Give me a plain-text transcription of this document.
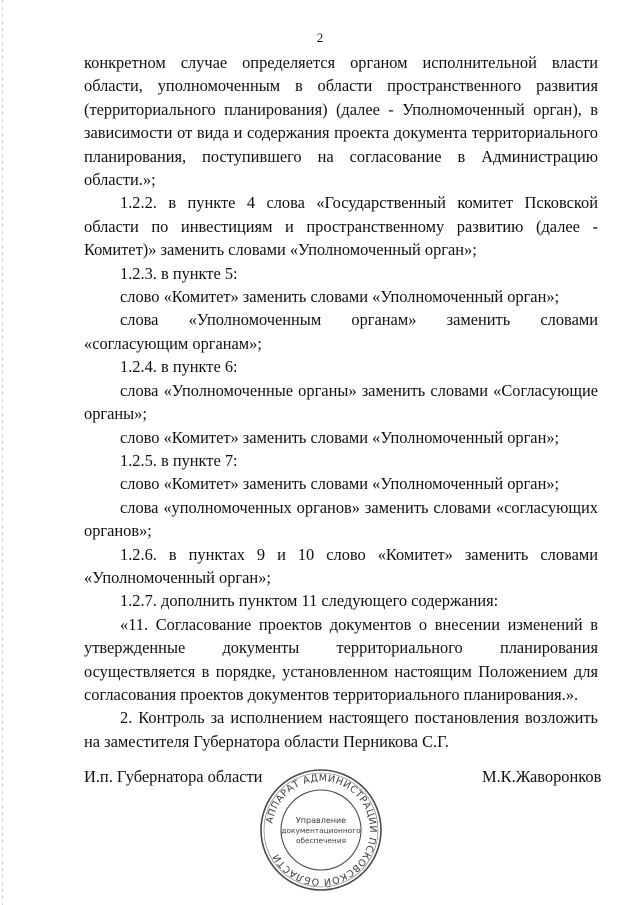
2

конкретном случае определяется органом исполнительной власти области, уполномоченным в области пространственного развития (территориального планирования) (далее - Уполномоченный орган), в зависимости от вида и содержания проекта документа территориального планирования, поступившего на согласование в Администрацию области.»;

1.2.2. в пункте 4 слова «Государственный комитет Псковской области по инвестициям и пространственному развитию (далее - Комитет)» заменить словами «Уполномоченный орган»;

1.2.3. в пункте 5:

слово «Комитет» заменить словами «Уполномоченный орган»;

слова «Уполномоченным органам» заменить словами «согласующим органам»;

1.2.4. в пункте 6:

слова «Уполномоченные органы» заменить словами «Согласующие органы»;

слово «Комитет» заменить словами «Уполномоченный орган»;

1.2.5. в пункте 7:

слово «Комитет» заменить словами «Уполномоченный орган»;

слова «уполномоченных органов» заменить словами «согласующих органов»;

1.2.6. в пунктах 9 и 10 слово «Комитет» заменить словами «Уполномоченный орган»;

1.2.7. дополнить пунктом 11 следующего содержания:

«11. Согласование проектов документов о внесении изменений в утвержденные документы территориального планирования осуществляется в порядке, установленном настоящим Положением для согласования проектов документов территориального планирования.».

2. Контроль за исполнением настоящего постановления возложить на заместителя Губернатора области Перникова С.Г.

И.п. Губернатора области	М.К.Жаворонков
АППАРАТ АДМИНИСТРАЦИИ ПСКОВСКОЙ ОБЛАСТИ
Управление
документационного
обеспечения
